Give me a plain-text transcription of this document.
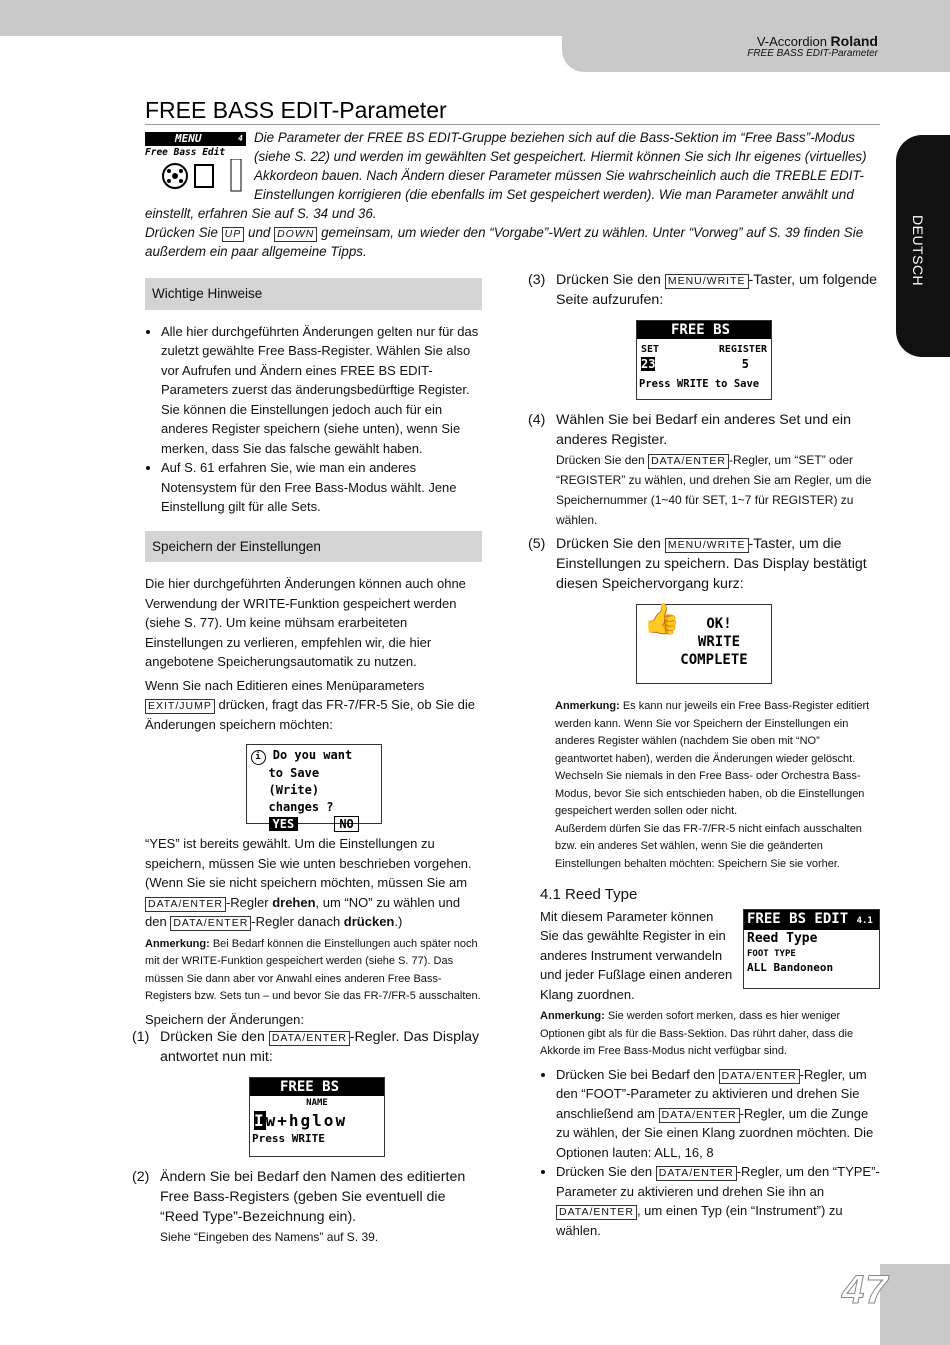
V-Accordion Roland
FREE BASS EDIT-Parameter
DEUTSCH
FREE BASS EDIT-Parameter
MENU	4
Free Bass Edit

Die Parameter der FREE BS EDIT-Gruppe beziehen sich auf die Bass-Sektion im “Free Bass”-Modus (siehe S. 22) und werden im gewählten Set gespeichert. Hiermit können Sie sich Ihr eigenes (virtuelles) Akkordeon bauen. Nach Ändern dieser Parameter müssen Sie wahrscheinlich auch die TREBLE EDIT-Einstellungen korrigieren (die ebenfalls im Set gespeichert werden). Wie man Parameter anwählt und einstellt, erfahren Sie auf S. 34 und 36.

Drücken Sie UP und DOWN gemeinsam, um wieder den “Vorgabe”-Wert zu wählen. Unter “Vorweg” auf S. 39 finden Sie außerdem ein paar allgemeine Tipps.

Wichtige Hinweise
• Alle hier durchgeführten Änderungen gelten nur für das zuletzt gewählte Free Bass-Register. Wählen Sie also vor Aufrufen und Ändern eines FREE BS EDIT-Parameters zuerst das änderungsbedürftige Register. Sie können die Einstellungen jedoch auch für ein anderes Register speichern (siehe unten), wenn Sie merken, dass Sie das falsche gewählt haben.
• Auf S. 61 erfahren Sie, wie man ein anderes Notensystem für den Free Bass-Modus wählt. Jene Einstellung gilt für alle Sets.
Speichern der Einstellungen

Die hier durchgeführten Änderungen können auch ohne Verwendung der WRITE-Funktion gespeichert werden (siehe S. 77). Um keine mühsam erarbeiteten Einstellungen zu verlieren, empfehlen wir, die hier angebotene Speicherungsautomatik zu nutzen.

Wenn Sie nach Editieren eines Menüparameters EXIT/JUMP drücken, fragt das FR-7/FR-5 Sie, ob Sie die Änderungen speichern möchten:

i Do you want
to Save (Write)
changes ?
YES	NO

“YES” ist bereits gewählt. Um die Einstellungen zu speichern, müssen Sie wie unten beschrieben vorgehen. (Wenn Sie sie nicht speichern möchten, müssen Sie am DATA/ENTER -Regler drehen, um “NO” zu wählen und den DATA/ENTER -Regler danach drücken.)

Anmerkung: Bei Bedarf können die Einstellungen auch später noch mit der WRITE-Funktion gespeichert werden (siehe S. 77). Das müssen Sie dann aber vor Anwahl eines anderen Free Bass-Registers bzw. Sets tun – und bevor Sie das FR-7/FR-5 ausschalten.

Speichern der Änderungen:

(1) Drücken Sie den DATA/ENTER -Regler. Das Display antwortet nun mit:
FREE BS
NAME
Iw+hglow
Press WRITE
(2) Ändern Sie bei Bedarf den Namen des editierten Free Bass-Registers (geben Sie eventuell die “Reed Type”-Bezeichnung ein).
Siehe “Eingeben des Namens” auf S. 39.
(3) Drücken Sie den MENU/WRITE -Taster, um folgende Seite aufzurufen:
FREE BS
SET	REGISTER
23	5
Press WRITE to Save
(4) Wählen Sie bei Bedarf ein anderes Set und ein anderes Register.
Drücken Sie den DATA/ENTER -Regler, um “SET” oder “REGISTER” zu wählen, und drehen Sie am Regler, um die Speichernummer (1~40 für SET, 1~7 für REGISTER) zu wählen.
(5) Drücken Sie den MENU/WRITE -Taster, um die Einstellungen zu speichern. Das Display bestätigt diesen Speichervorgang kurz:
👍	OK!
WRITE
COMPLETE
Anmerkung: Es kann nur jeweils ein Free Bass-Register editiert werden kann. Wenn Sie vor Speichern der Einstellungen ein anderes Register wählen (nachdem Sie oben mit “NO” geantwortet haben), werden die Änderungen wieder gelöscht. Wechseln Sie niemals in den Free Bass- oder Orchestra Bass-Modus, bevor Sie sich entschieden haben, ob die Einstellungen gespeichert werden sollen oder nicht.
Außerdem dürfen Sie das FR-7/FR-5 nicht einfach ausschalten bzw. ein anderes Set wählen, wenn Sie die geänderten Einstellungen behalten möchten: Speichern Sie sie vorher.
4.1 Reed Type
FREE BS EDIT 4.1
Reed Type
FOOT TYPE
ALL Bandoneon

Mit diesem Parameter können Sie das gewählte Register in ein anderes Instrument verwandeln und jeder Fußlage einen anderen Klang zuordnen.

Anmerkung: Sie werden sofort merken, dass es hier weniger Optionen gibt als für die Bass-Sektion. Das rührt daher, dass die Akkorde im Free Bass-Modus nicht verfügbar sind.

• Drücken Sie bei Bedarf den DATA/ENTER -Regler, um den “FOOT”-Parameter zu aktivieren und drehen Sie anschließend am DATA/ENTER -Regler, um die Zunge zu wählen, der Sie einen Klang zuordnen möchten. Die Optionen lauten: ALL, 16, 8
• Drücken Sie den DATA/ENTER -Regler, um den “TYPE”-Parameter zu aktivieren und drehen Sie ihn an DATA/ENTER , um einen Typ (ein “Instrument”) zu wählen.
47
